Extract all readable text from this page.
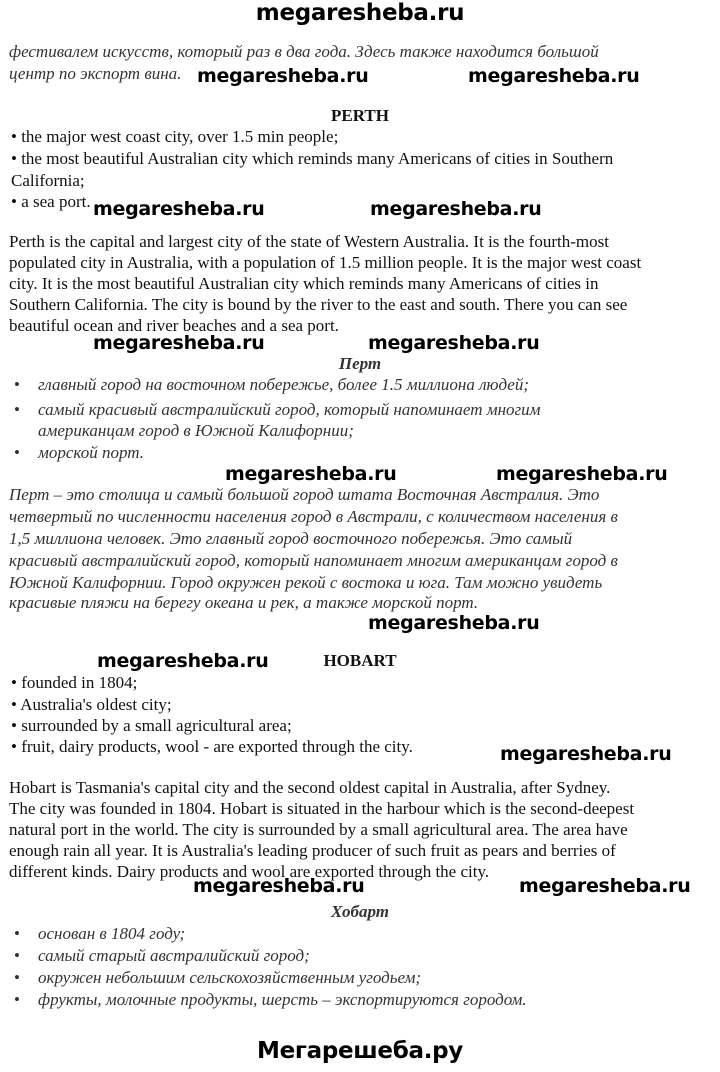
megaresheba.ru
фестивалем искусств, который раз в два года. Здесь также находится большой
центр по экспорт вина.
PERTH
• the major west coast city, over 1.5 min people;
• the most beautiful Australian city which reminds many Americans of cities in Southern
California;
• a sea port.
Perth is the capital and largest city of the state of Western Australia. It is the fourth-most
populated city in Australia, with a population of 1.5 million people. It is the major west coast
city. It is the most beautiful Australian city which reminds many Americans of cities in
Southern California. The city is bound by the river to the east and south. There you can see
beautiful ocean and river beaches and a sea port.
Перт
• главный город на восточном побережье, более 1.5 миллиона людей;
• самый красивый австралийский город, который напоминает многим
американцам город в Южной Калифорнии;
• морской порт.
Перт – это столица и самый большой город штата Восточная Австралия. Это
четвертый по численности населения город в Австрали, с количеством населения в
1,5 миллиона человек. Это главный город восточного побережья. Это самый
красивый австралийский город, который напоминает многим американцам город в
Южной Калифорнии. Город окружен рекой с востока и юга. Там можно увидеть
красивые пляжи на берегу океана и рек, а также морской порт.
HOBART
• founded in 1804;
• Australia's oldest city;
• surrounded by a small agricultural area;
• fruit, dairy products, wool - are exported through the city.
Hobart is Tasmania's capital city and the second oldest capital in Australia, after Sydney.
The city was founded in 1804. Hobart is situated in the harbour which is the second-deepest
natural port in the world. The city is surrounded by a small agricultural area. The area have
enough rain all year. It is Australia's leading producer of such fruit as pears and berries of
different kinds. Dairy products and wool are exported through the city.
Хобарт
• основан в 1804 году;
• самый старый австралийский город;
• окружен небольшим сельскохозяйственным угодьем;
• фрукты, молочные продукты, шерсть – экспортируются городом.
megaresheba.ru	megaresheba.ru
megaresheba.ru	megaresheba.ru
megaresheba.ru	megaresheba.ru
megaresheba.ru	megaresheba.ru
megaresheba.ru
megaresheba.ru
megaresheba.ru
megaresheba.ru	megaresheba.ru
Мегарешеба.ру
